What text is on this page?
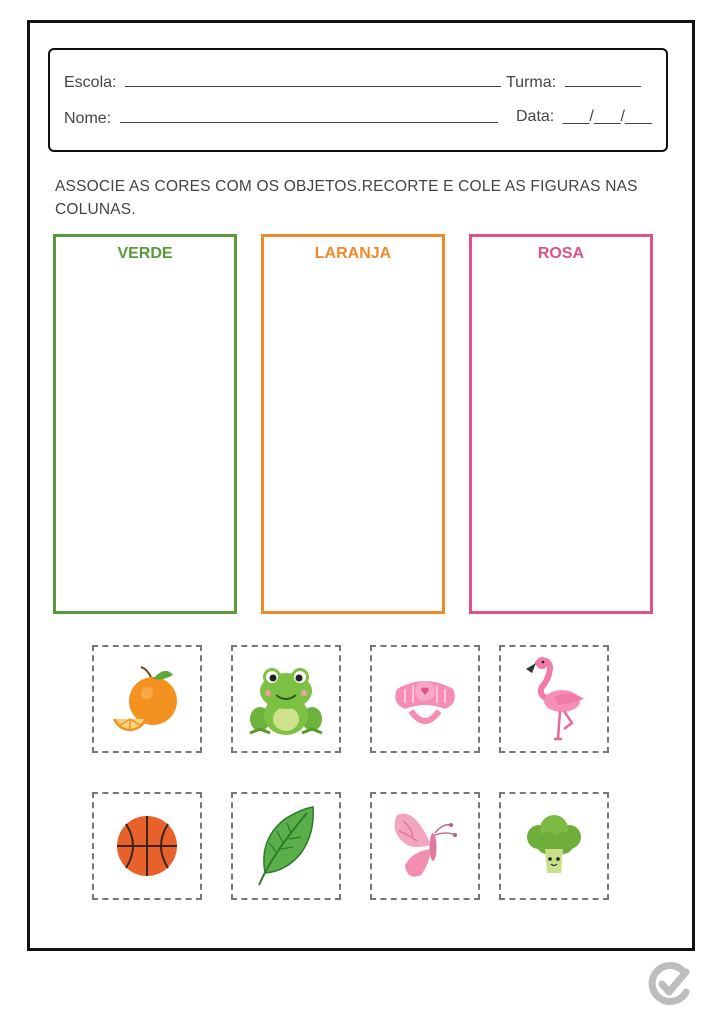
Escola:	Turma:
Nome:	Data: ___/___/___
ASSOCIE AS CORES COM OS OBJETOS.RECORTE E COLE AS FIGURAS NAS COLUNAS.
VERDE	LARANJA	ROSA
